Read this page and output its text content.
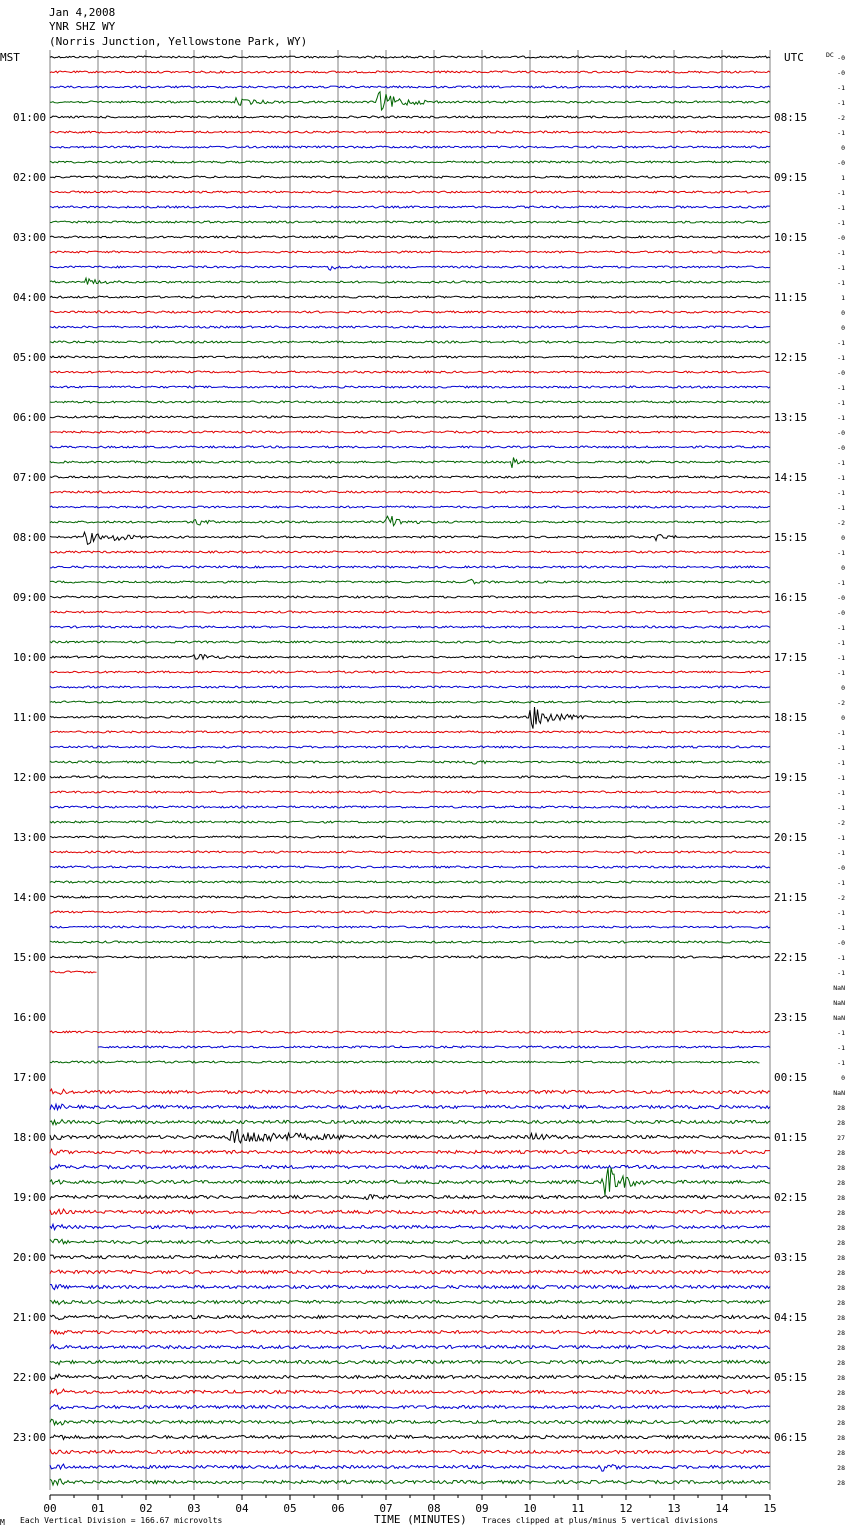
Jan 4,2008
YNR SHZ WY
(Norris Junction, Yellowstone Park, WY)
MST	UTC	DC
01:00
02:00
03:00
04:00
05:00
06:00
07:00
08:00
09:00
10:00
11:00
12:00
13:00
14:00
15:00
16:00
17:00
18:00
19:00
20:00
21:00
22:00
23:00
08:15
09:15
10:15
11:15
12:15
13:15
14:15
15:15
16:15
17:15
18:15
19:15
20:15
21:15
22:15
23:15
00:15
01:15
02:15
03:15
04:15
05:15
06:15
-0
-0
-1
-1
-2
-1
0
-0
1
-1
-1
-1
-0
-1
-1
-1
1
0
0
-1
-1
-0
-1
-1
-1
-0
-0
-1
-1
-1
-1
-2
0
-1
0
-1
-0
-0
-1
-1
-1
-1
0
-2
0
-1
-1
-1
-1
-1
-1
-2
-1
-1
-0
-1
-2
-1
-1
-0
-1
-1
NaN
NaN
NaN
-1
-1
-1
0
NaN
28
28
27
28
28
28
28
28
28
28
28
28
28
28
28
28
28
28
28
28
28
28
28
28
28
28
00	01	02	03	04	05	06	07	08	09	10	11	12	13	14	15
M Each Vertical Division = 166.67 microvolts	TIME (MINUTES) Traces clipped at plus/minus 5 vertical divisions
